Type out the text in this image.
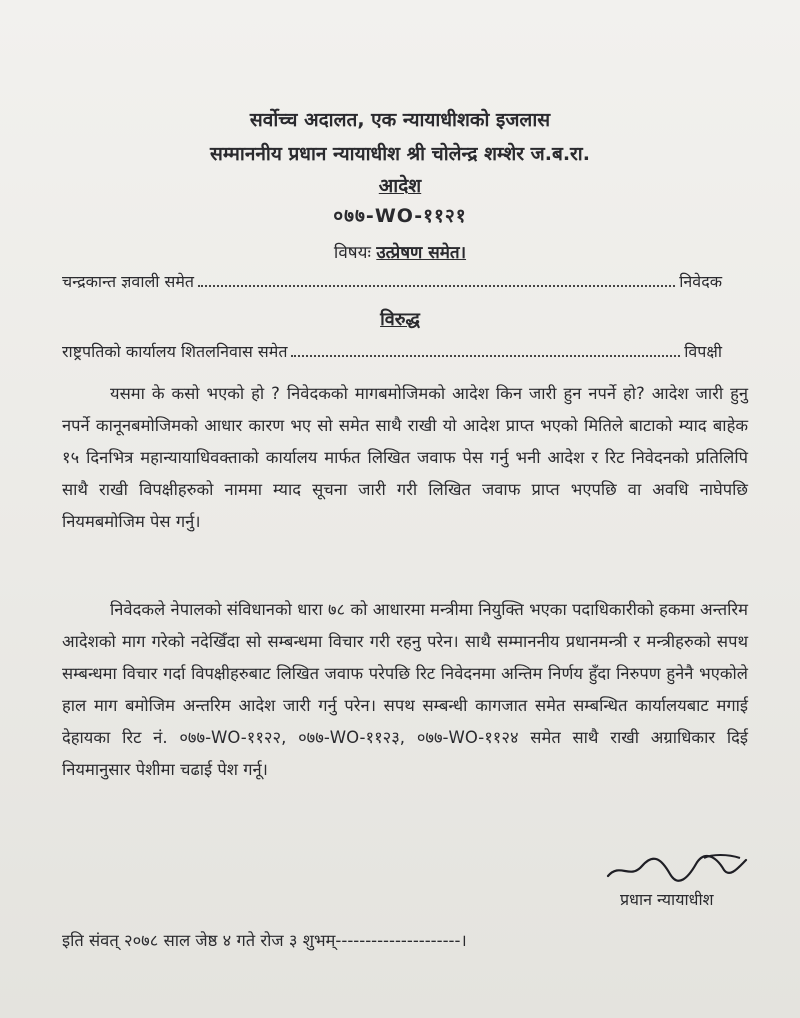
सर्वोच्च अदालत, एक न्यायाधीशको इजलास
सम्माननीय प्रधान न्यायाधीश श्री चोलेन्द्र शम्शेर ज.ब.रा.
आदेश
०७७-WO-११२१
विषयः उत्प्रेषण समेत।
चन्द्रकान्त ज्ञवाली समेत	निवेदक
विरुद्ध
राष्ट्रपतिको कार्यालय शितलनिवास समेत	विपक्षी
यसमा के कसो भएको हो ? निवेदकको मागबमोजिमको आदेश किन जारी हुन नपर्ने हो? आदेश जारी हुनु नपर्ने कानूनबमोजिमको आधार कारण भए सो समेत साथै राखी यो आदेश प्राप्त भएको मितिले बाटाको म्याद बाहेक १५ दिनभित्र महान्यायाधिवक्ताको कार्यालय मार्फत लिखित जवाफ पेस गर्नु भनी आदेश र रिट निवेदनको प्रतिलिपि साथै राखी विपक्षीहरुको नाममा म्याद सूचना जारी गरी लिखित जवाफ प्राप्त भएपछि वा अवधि नाघेपछि नियमबमोजिम पेस गर्नु।
निवेदकले नेपालको संविधानको धारा ७८ को आधारमा मन्त्रीमा नियुक्ति भएका पदाधिकारीको हकमा अन्तरिम आदेशको माग गरेको नदेखिँदा सो सम्बन्धमा विचार गरी रहनु परेन। साथै सम्माननीय प्रधानमन्त्री र मन्त्रीहरुको सपथ सम्बन्धमा विचार गर्दा विपक्षीहरुबाट लिखित जवाफ परेपछि रिट निवेदनमा अन्तिम निर्णय हुँदा निरुपण हुनेनै भएकोले हाल माग बमोजिम अन्तरिम आदेश जारी गर्नु परेन। सपथ सम्बन्धी कागजात समेत सम्बन्धित कार्यालयबाट मगाई देहायका रिट नं. ०७७-WO-११२२, ०७७-WO-११२३, ०७७-WO-११२४ समेत साथै राखी अग्राधिकार दिई नियमानुसार पेशीमा चढाई पेश गर्नू।
प्रधान न्यायाधीश
इति संवत् २०७८ साल जेष्ठ ४ गते रोज ३ शुभम्---------------------।
